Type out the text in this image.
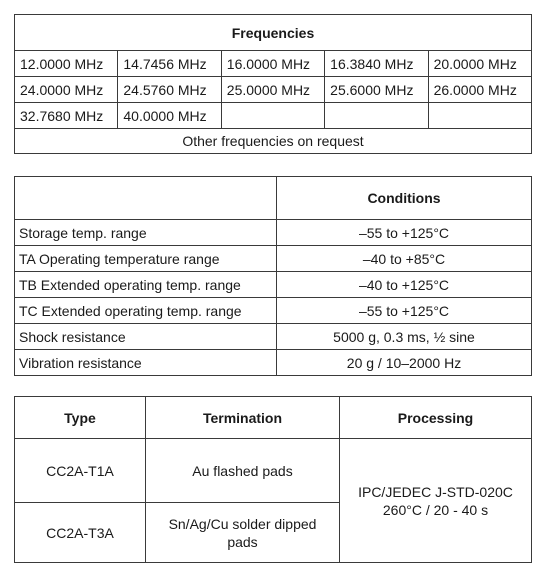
Frequencies				
12.0000 MHz	14.7456 MHz	16.0000 MHz	16.3840 MHz	20.0000 MHz
24.0000 MHz	24.5760 MHz	25.0000 MHz	25.6000 MHz	26.0000 MHz
32.7680 MHz	40.0000 MHz			
Other frequencies on request				
	Conditions
Storage temp. range	–55 to +125°C
TA Operating temperature range	–40 to +85°C
TB Extended operating temp. range	–40 to +125°C
TC Extended operating temp. range	–55 to +125°C
Shock resistance	5000 g, 0.3 ms, ½ sine
Vibration resistance	20 g / 10–2000 Hz
Type	Termination	Processing
CC2A-T1A	Au flashed pads	IPC/JEDEC J-STD-020C 260°C / 20 - 40 s

CC2A-T3A	Sn/Ag/Cu solder dipped pads	
